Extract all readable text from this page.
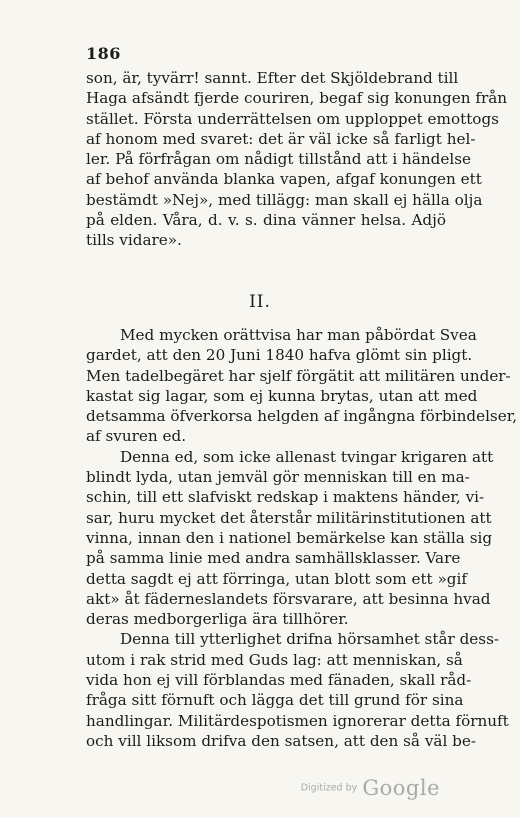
186
son, är, tyvärr! sannt. Efter det Skjöldebrand till
Haga afsändt fjerde couriren, begaf sig konungen från
stället. Första underrättelsen om upploppet emottogs
af honom med svaret: det är väl icke så farligt hel-
ler. På förfrågan om nådigt tillstånd att i händelse
af behof använda blanka vapen, afgaf konungen ett
bestämdt »Nej», med tillägg: man skall ej hälla olja
på elden. Våra, d. v. s. dina vänner helsa. Adjö
tills vidare».
II.
Med mycken orättvisa har man påbördat Svea
gardet, att den 20 Juni 1840 hafva glömt sin pligt.
Men tadelbegäret har sjelf förgätit att militären under-
kastat sig lagar, som ej kunna brytas, utan att med
detsamma öfverkorsa helgden af ingångna förbindelser,
af svuren ed.
Denna ed, som icke allenast tvingar krigaren att
blindt lyda, utan jemväl gör menniskan till en ma-
schin, till ett slafviskt redskap i maktens händer, vi-
sar, huru mycket det återstår militärinstitutionen att
vinna, innan den i nationel bemärkelse kan ställa sig
på samma linie med andra samhällsklasser. Vare
detta sagdt ej att förringa, utan blott som ett »gif
akt» åt fäderneslandets försvarare, att besinna hvad
deras medborgerliga ära tillhörer.
Denna till ytterlighet drifna hörsamhet står dess-
utom i rak strid med Guds lag: att menniskan, så
vida hon ej vill förblandas med fänaden, skall råd-
fråga sitt förnuft och lägga det till grund för sina
handlingar. Militärdespotismen ignorerar detta förnuft
och vill liksom drifva den satsen, att den så väl be-
Digitized by Google
